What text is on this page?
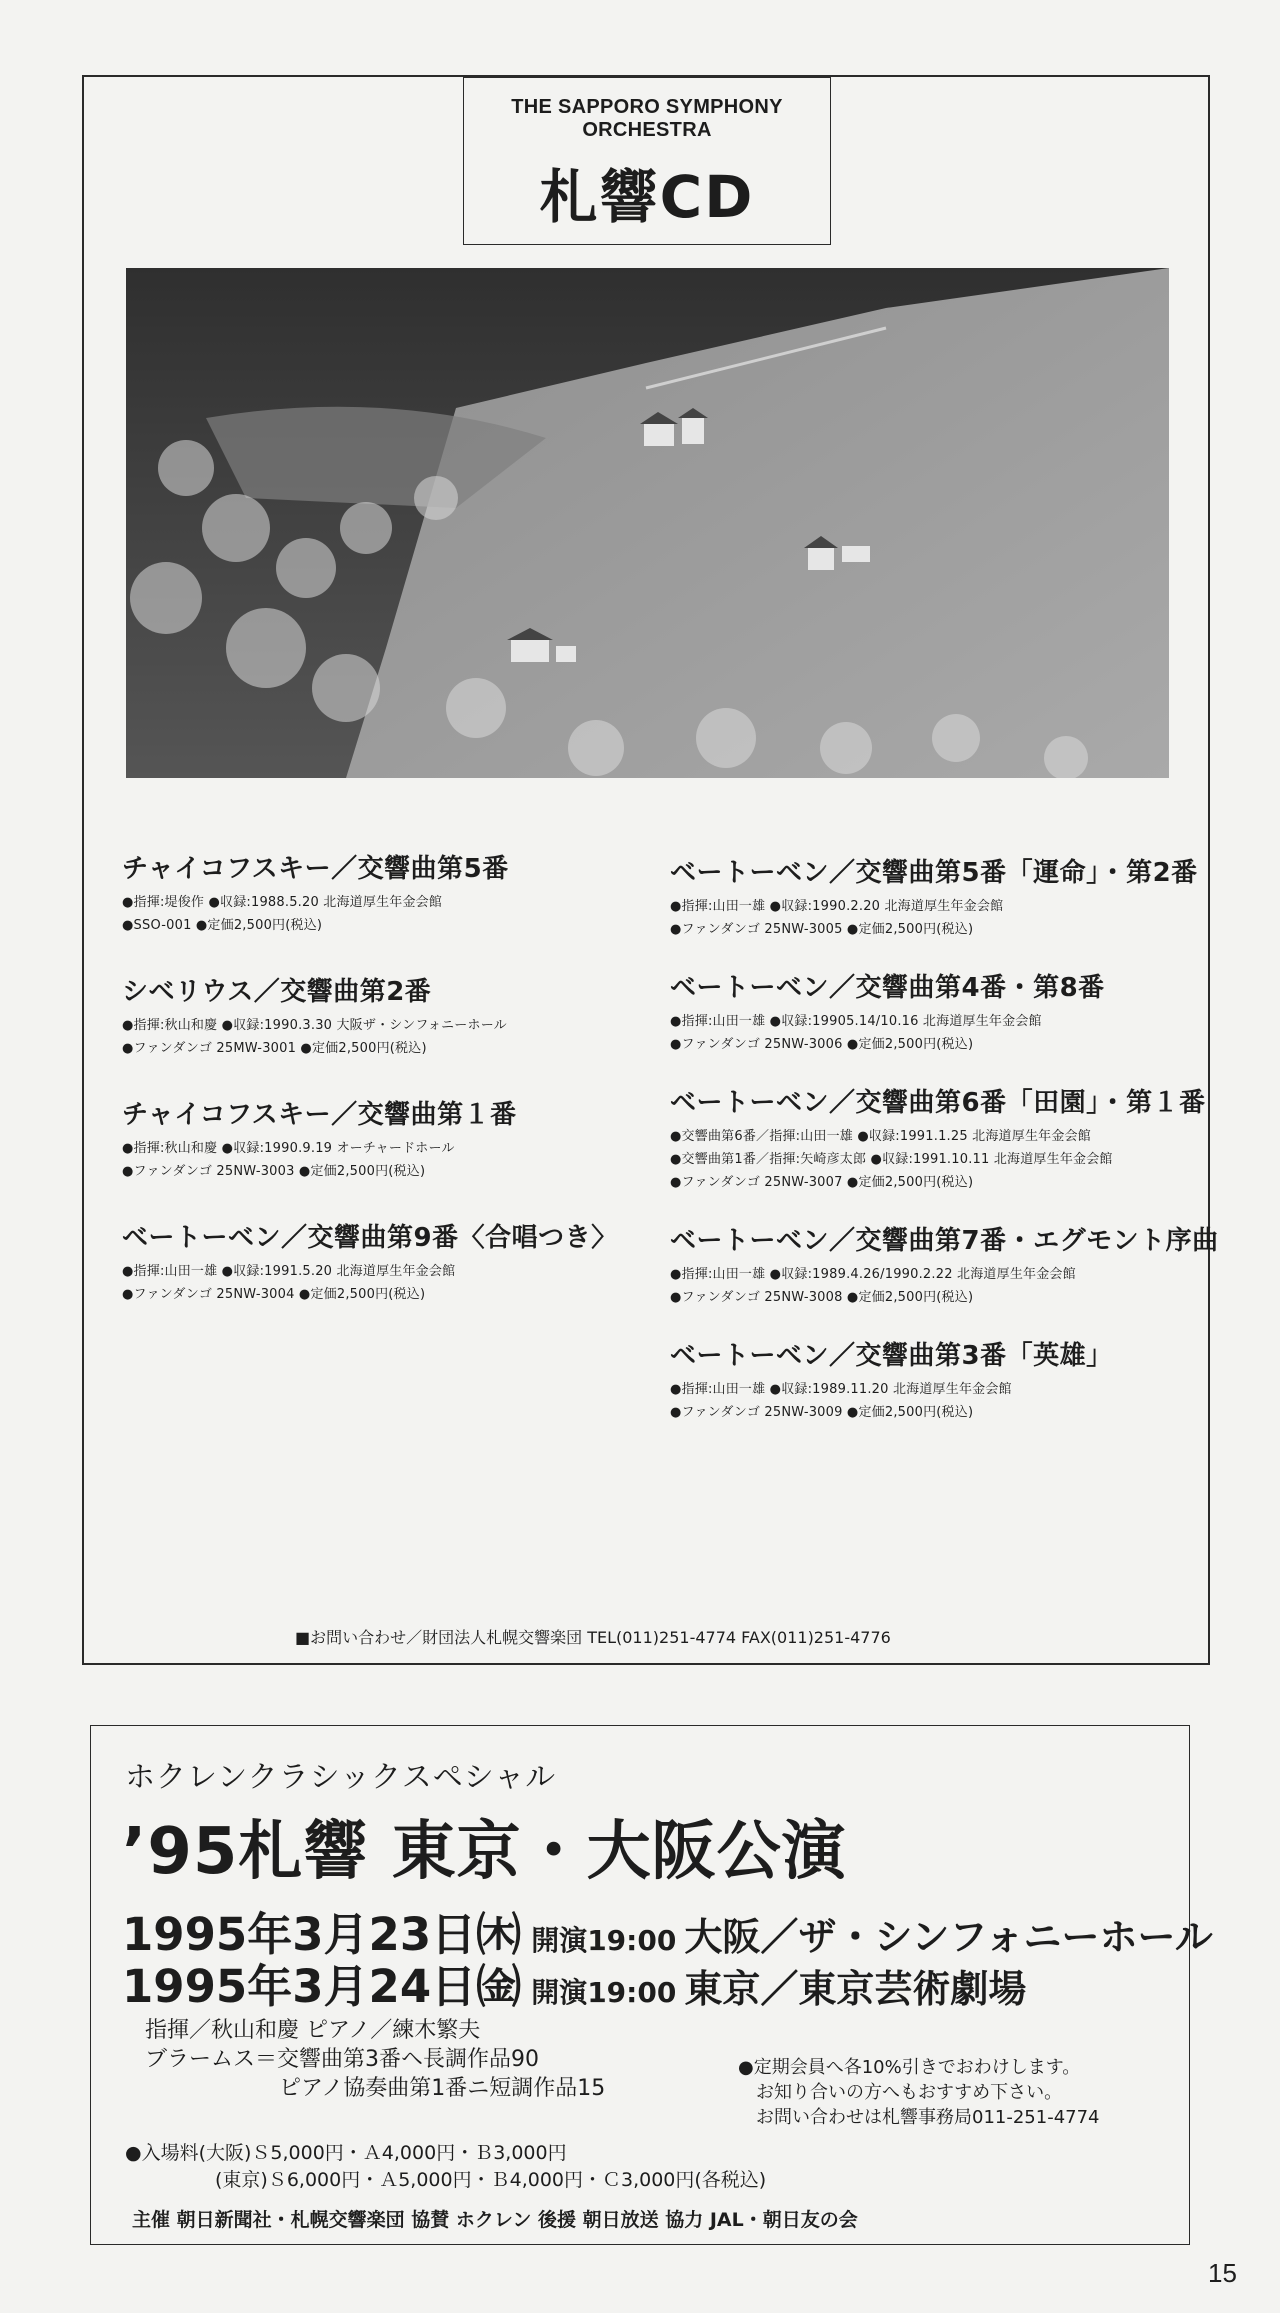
THE SAPPORO SYMPHONY ORCHESTRA
札響CD
チャイコフスキー／交響曲第5番
●指揮:堤俊作 ●収録:1988.5.20 北海道厚生年金会館
●SSO-001 ●定価2,500円(税込)
シベリウス／交響曲第2番
●指揮:秋山和慶 ●収録:1990.3.30 大阪ザ・シンフォニーホール
●ファンダンゴ 25MW-3001 ●定価2,500円(税込)
チャイコフスキー／交響曲第１番
●指揮:秋山和慶 ●収録:1990.9.19 オーチャードホール
●ファンダンゴ 25NW-3003 ●定価2,500円(税込)
ベートーベン／交響曲第9番〈合唱つき〉
●指揮:山田一雄 ●収録:1991.5.20 北海道厚生年金会館
●ファンダンゴ 25NW-3004 ●定価2,500円(税込)
ベートーベン／交響曲第5番「運命」・第2番
●指揮:山田一雄 ●収録:1990.2.20 北海道厚生年金会館
●ファンダンゴ 25NW-3005 ●定価2,500円(税込)
ベートーベン／交響曲第4番・第8番
●指揮:山田一雄 ●収録:19905.14/10.16 北海道厚生年金会館
●ファンダンゴ 25NW-3006 ●定価2,500円(税込)
ベートーベン／交響曲第6番「田園」・第１番
●交響曲第6番／指揮:山田一雄 ●収録:1991.1.25 北海道厚生年金会館
●交響曲第1番／指揮:矢崎彦太郎 ●収録:1991.10.11 北海道厚生年金会館
●ファンダンゴ 25NW-3007 ●定価2,500円(税込)
ベートーベン／交響曲第7番・エグモント序曲
●指揮:山田一雄 ●収録:1989.4.26/1990.2.22 北海道厚生年金会館
●ファンダンゴ 25NW-3008 ●定価2,500円(税込)
ベートーベン／交響曲第3番「英雄」
●指揮:山田一雄 ●収録:1989.11.20 北海道厚生年金会館
●ファンダンゴ 25NW-3009 ●定価2,500円(税込)
■お問い合わせ／財団法人札幌交響楽団 TEL(011)251-4774 FAX(011)251-4776
ホクレンクラシックスペシャル
’95札響 東京・大阪公演
1995年3月23日㈭ 開演19:00 大阪／ザ・シンフォニーホール
1995年3月24日㈮ 開演19:00 東京／東京芸術劇場
指揮／秋山和慶 ピアノ／練木繁夫
ブラームス＝交響曲第3番ヘ長調作品90
ピアノ協奏曲第1番ニ短調作品15
●定期会員へ各10%引きでおわけします。
お知り合いの方へもおすすめ下さい。
お問い合わせは札響事務局011-251-4774
●入場料(大阪)Ｓ5,000円・Ａ4,000円・Ｂ3,000円
(東京)Ｓ6,000円・Ａ5,000円・Ｂ4,000円・Ｃ3,000円(各税込)
主催 朝日新聞社・札幌交響楽団 協賛 ホクレン 後援 朝日放送 協力 JAL・朝日友の会
15
